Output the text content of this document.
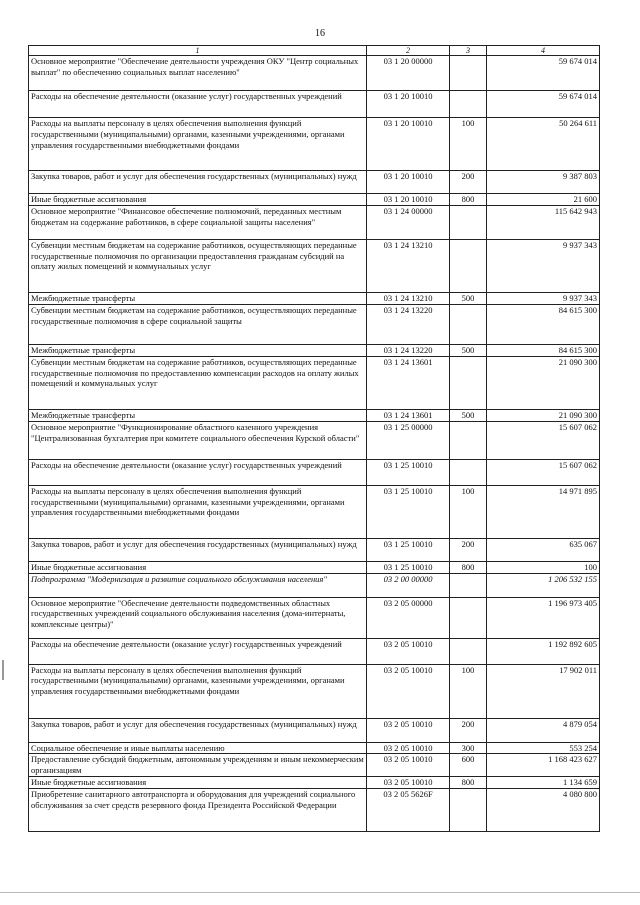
16
1	2	3	4
Основное мероприятие "Обеспечение деятельности учреждения ОКУ "Центр социальных выплат" по обеспечению социальных выплат населению"	03 1 20 00000		59 674 014
Расходы на обеспечение деятельности (оказание услуг) государственных учреждений	03 1 20 10010		59 674 014
Расходы на выплаты персоналу в целях обеспечения выполнения функций государственными (муниципальными) органами, казенными учреждениями, органами управления государственными внебюджетными фондами	03 1 20 10010	100	50 264 611
Закупка товаров, работ и услуг для обеспечения государственных (муниципальных) нужд	03 1 20 10010	200	9 387 803
Иные бюджетные ассигнования	03 1 20 10010	800	21 600
Основное мероприятие "Финансовое обеспечение полномочий, переданных местным бюджетам на содержание работников, в сфере социальной защиты населения"	03 1 24 00000		115 642 943
Субвенции местным бюджетам на содержание работников, осуществляющих переданные государственные полномочия по организации предоставления гражданам субсидий на оплату жилых помещений и коммунальных услуг	03 1 24 13210		9 937 343
Межбюджетные трансферты	03 1 24 13210	500	9 937 343
Субвенции местным бюджетам на содержание работников, осуществляющих переданные государственные полномочия в сфере социальной защиты	03 1 24 13220		84 615 300
Межбюджетные трансферты	03 1 24 13220	500	84 615 300
Субвенции местным бюджетам на содержание работников, осуществляющих переданные государственные полномочия по предоставлению компенсации расходов на оплату жилых помещений и коммунальных услуг	03 1 24 13601		21 090 300
Межбюджетные трансферты	03 1 24 13601	500	21 090 300
Основное мероприятие "Функционирование областного казенного учреждения "Централизованная бухгалтерия при комитете социального обеспечения Курской области"	03 1 25 00000		15 607 062
Расходы на обеспечение деятельности (оказание услуг) государственных учреждений	03 1 25 10010		15 607 062
Расходы на выплаты персоналу в целях обеспечения выполнения функций государственными (муниципальными) органами, казенными учреждениями, органами управления государственными внебюджетными фондами	03 1 25 10010	100	14 971 895
Закупка товаров, работ и услуг для обеспечения государственных (муниципальных) нужд	03 1 25 10010	200	635 067
Иные бюджетные ассигнования	03 1 25 10010	800	100
Подпрограмма "Модернизация и развитие социального обслуживания населения"	03 2 00 00000		1 206 532 155
Основное мероприятие "Обеспечение деятельности подведомственных областных государственных учреждений социального обслуживания населения (дома-интернаты, комплексные центры)"	03 2 05 00000		1 196 973 405
Расходы на обеспечение деятельности (оказание услуг) государственных учреждений	03 2 05 10010		1 192 892 605
Расходы на выплаты персоналу в целях обеспечения выполнения функций государственными (муниципальными) органами, казенными учреждениями, органами управления государственными внебюджетными фондами	03 2 05 10010	100	17 902 011
Закупка товаров, работ и услуг для обеспечения государственных (муниципальных) нужд	03 2 05 10010	200	4 879 054
Социальное обеспечение и иные выплаты населению	03 2 05 10010	300	553 254
Предоставление субсидий бюджетным, автономным учреждениям и иным некоммерческим организациям	03 2 05 10010	600	1 168 423 627
Иные бюджетные ассигнования	03 2 05 10010	800	1 134 659
Приобретение санитарного автотранспорта и оборудования для учреждений социального обслуживания за счет средств резервного фонда Президента Российской Федерации	03 2 05 5626F		4 080 800
